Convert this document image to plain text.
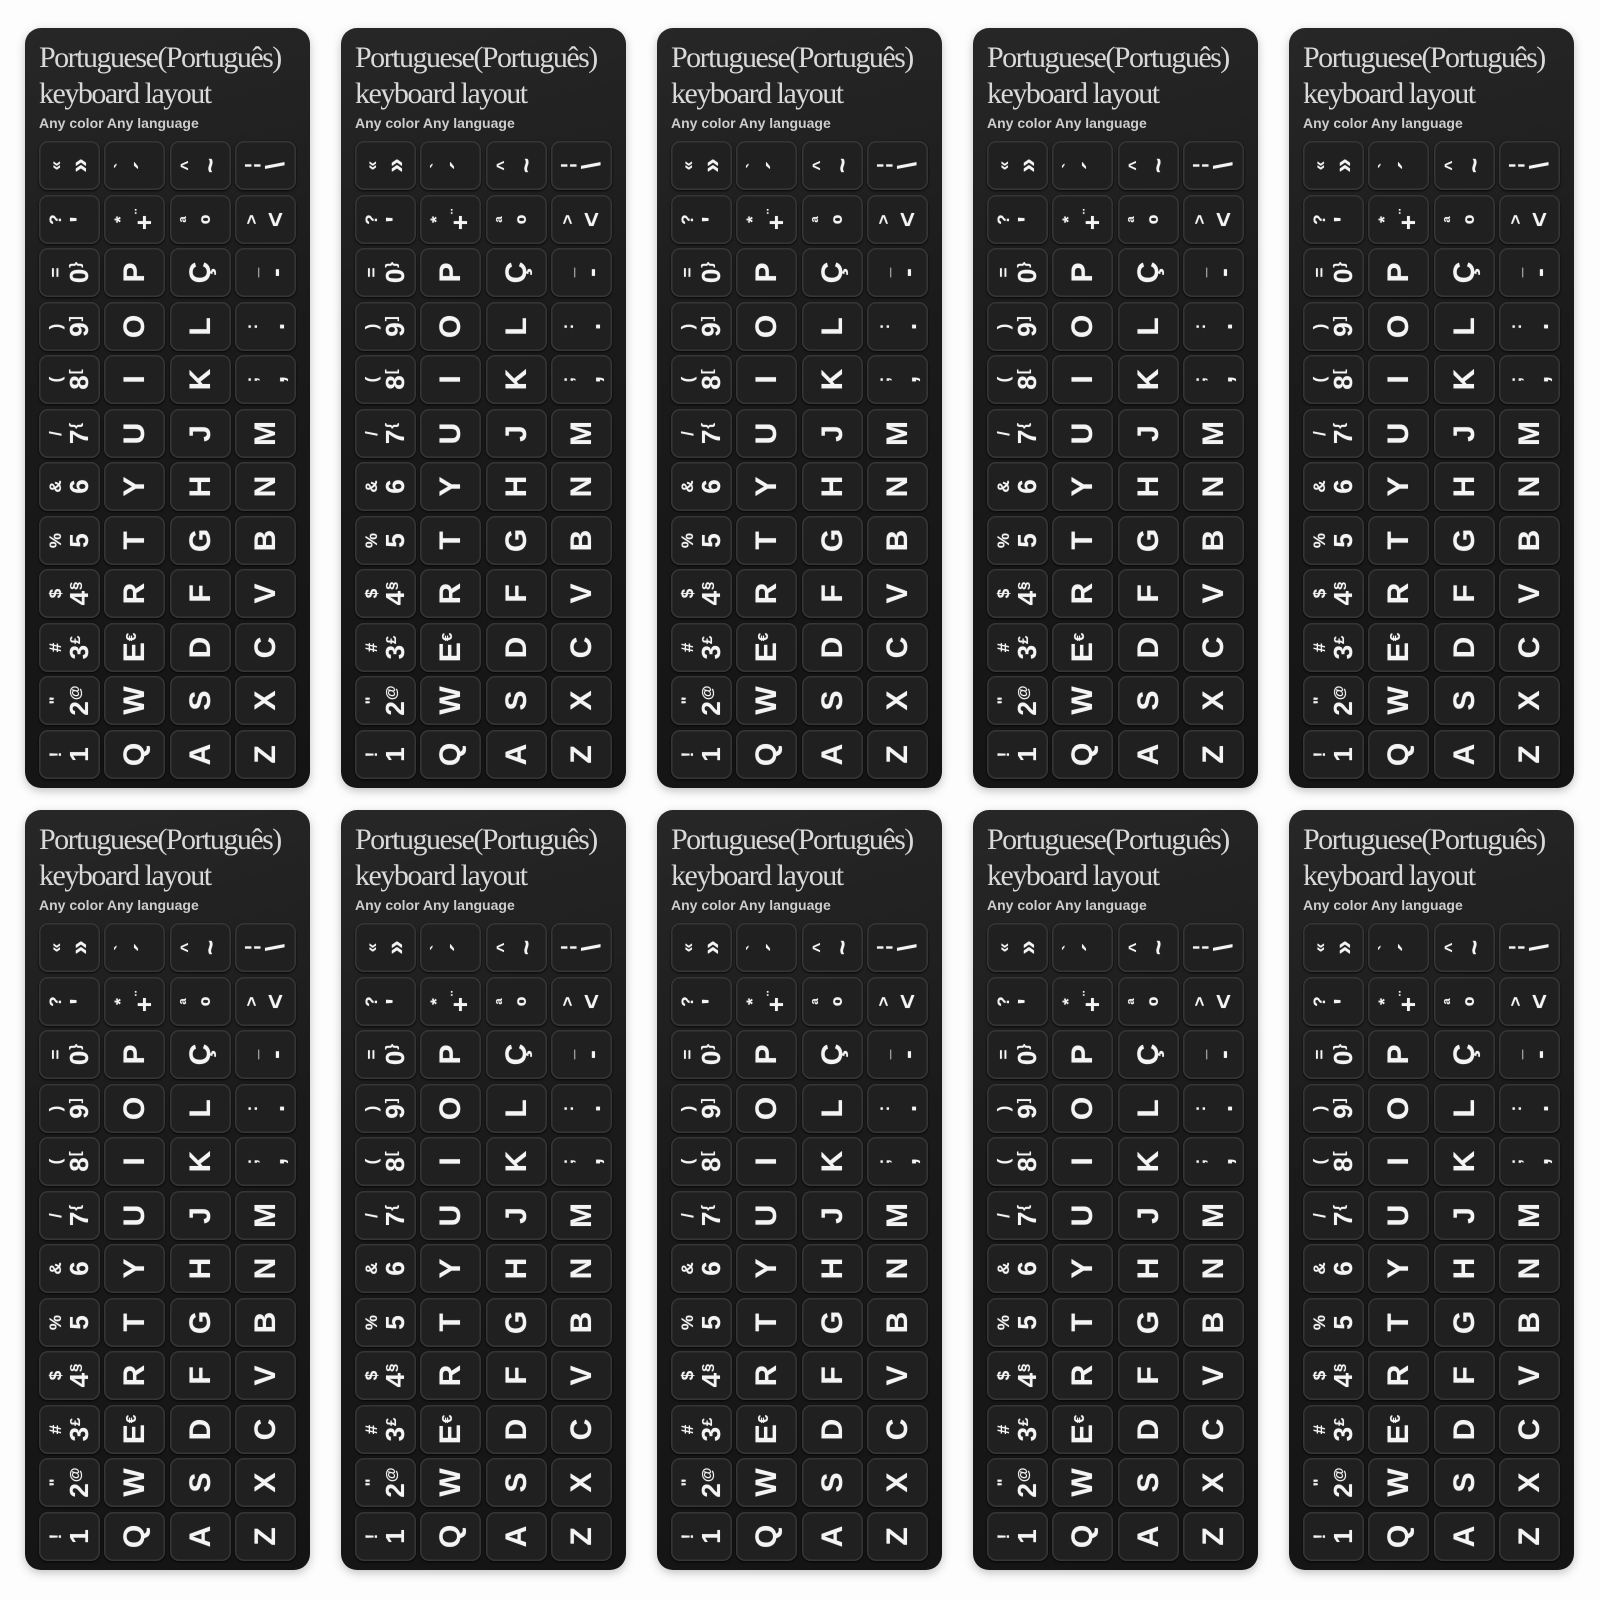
Portuguese(Português)
keyboard layout
Any color Any language
« » ` ´ ^ ~ ¦ \
? ' * +¨
ª º > <
= 0} P Ç _ -
) 9] O L : .
( 8[
I K ; ,
/ 7{ U J M
& 6 Y H N
% 5 T G B
$ 4§ R F V
# 3£
E€	D C
"
2@ W S X
! 1 Q A Z
Portuguese(Português)
keyboard layout
Any color Any language
« » ` ´ ^ ~ ¦ \
? ' * +¨
ª º > <
= 0} P Ç _ -
) 9] O L : .
( 8[
I K ; ,
/ 7{ U J M
& 6 Y H N
% 5 T G B
$ 4§ R F V
# 3£
E€	D C
"
2@ W S X
! 1 Q A Z
Portuguese(Português)
keyboard layout
Any color Any language
« » ` ´ ^ ~ ¦ \
? ' * +¨
ª º > <
= 0} P Ç _ -
) 9] O L : .
( 8[
I K ; ,
/ 7{ U J M
& 6 Y H N
% 5 T G B
$ 4§ R F V
# 3£
E€	D C
"
2@ W S X
! 1 Q A Z
Portuguese(Português)
keyboard layout
Any color Any language
« » ` ´ ^ ~ ¦ \
? ' * +¨
ª º > <
= 0} P Ç _ -
) 9] O L : .
( 8[
I K ; ,
/ 7{ U J M
& 6 Y H N
% 5 T G B
$ 4§ R F V
# 3£
E€	D C
"
2@ W S X
! 1 Q A Z
Portuguese(Português)
keyboard layout
Any color Any language
« » ` ´ ^ ~ ¦ \
? ' * +¨
ª º > <
= 0} P Ç _ -
) 9] O L : .
( 8[
I K ; ,
/ 7{ U J M
& 6 Y H N
% 5 T G B
$ 4§ R F V
# 3£
E€	D C
"
2@ W S X
! 1 Q A Z
Portuguese(Português)
keyboard layout
Any color Any language
« » ` ´ ^ ~ ¦ \
? ' * +¨
ª º > <
= 0} P Ç _ -
) 9] O L : .
( 8[
I K ; ,
/ 7{ U J M
& 6 Y H N
% 5 T G B
$ 4§ R F V
# 3£
E€	D C
"
2@ W S X
! 1 Q A Z
Portuguese(Português)
keyboard layout
Any color Any language
« » ` ´ ^ ~ ¦ \
? ' * +¨
ª º > <
= 0} P Ç _ -
) 9] O L : .
( 8[
I K ; ,
/ 7{ U J M
& 6 Y H N
% 5 T G B
$ 4§ R F V
# 3£
E€	D C
"
2@ W S X
! 1 Q A Z
Portuguese(Português)
keyboard layout
Any color Any language
« » ` ´ ^ ~ ¦ \
? ' * +¨
ª º > <
= 0} P Ç _ -
) 9] O L : .
( 8[
I K ; ,
/ 7{ U J M
& 6 Y H N
% 5 T G B
$ 4§ R F V
# 3£
E€	D C
"
2@ W S X
! 1 Q A Z
Portuguese(Português)
keyboard layout
Any color Any language
« » ` ´ ^ ~ ¦ \
? ' * +¨
ª º > <
= 0} P Ç _ -
) 9] O L : .
( 8[
I K ; ,
/ 7{ U J M
& 6 Y H N
% 5 T G B
$ 4§ R F V
# 3£
E€	D C
"
2@ W S X
! 1 Q A Z
Portuguese(Português)
keyboard layout
Any color Any language
« » ` ´ ^ ~ ¦ \
? ' * +¨
ª º > <
= 0} P Ç _ -
) 9] O L : .
( 8[
I K ; ,
/ 7{ U J M
& 6 Y H N
% 5 T G B
$ 4§ R F V
# 3£
E€	D C
"
2@ W S X
! 1 Q A Z
